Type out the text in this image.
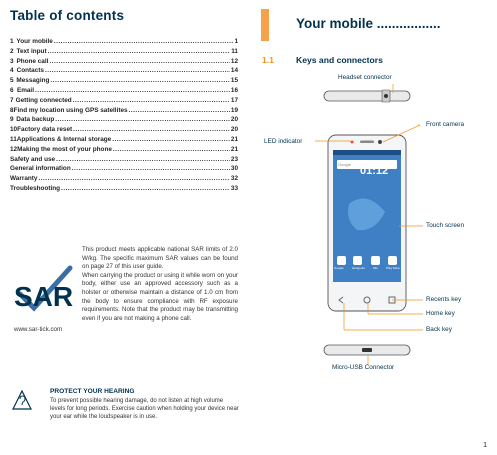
Table of contents
1 Your mobile .....	1
2 Text input .....	11
3 Phone call .....	12
4 Contacts .....	14
5 Messaging .....	15
6 Email .....	16
7 Getting connected .....	17
8 Find my location using GPS satellites .....	19
9 Data backup .....	20
10 Factory data reset .....	20
11 Applications & Internal storage .....	21
12 Making the most of your phone .....	21
Safety and use .....	23
General information .....	30
Warranty .....	32
Troubleshooting .....	33
SAR
www.sar-tick.com
This product meets applicable national SAR limits of 2.0 W/kg. The specific maximum SAR values can be found on page 27 of this user guide.
When carrying the product or using it while worn on your body, either use an approved accessory such as a holster or otherwise maintain a distance of 1.0 cm from the body to ensure compliance with RF exposure requirements. Note that the product may be transmitting even if you are not making a phone call.
PROTECT YOUR HEARING
To prevent possible hearing damage, do not listen at high volume levels for long periods. Exercise caution when holding your device near your ear while the loudspeaker is in use.
Your mobile .................
1.1	Keys and connectors
01:12
Google
Google	Hangouts	Mix	Play Store
Headset connector
Front camera
LED indicator
Touch screen
Recents key
Home key
Back key
Micro-USB Connector
1
